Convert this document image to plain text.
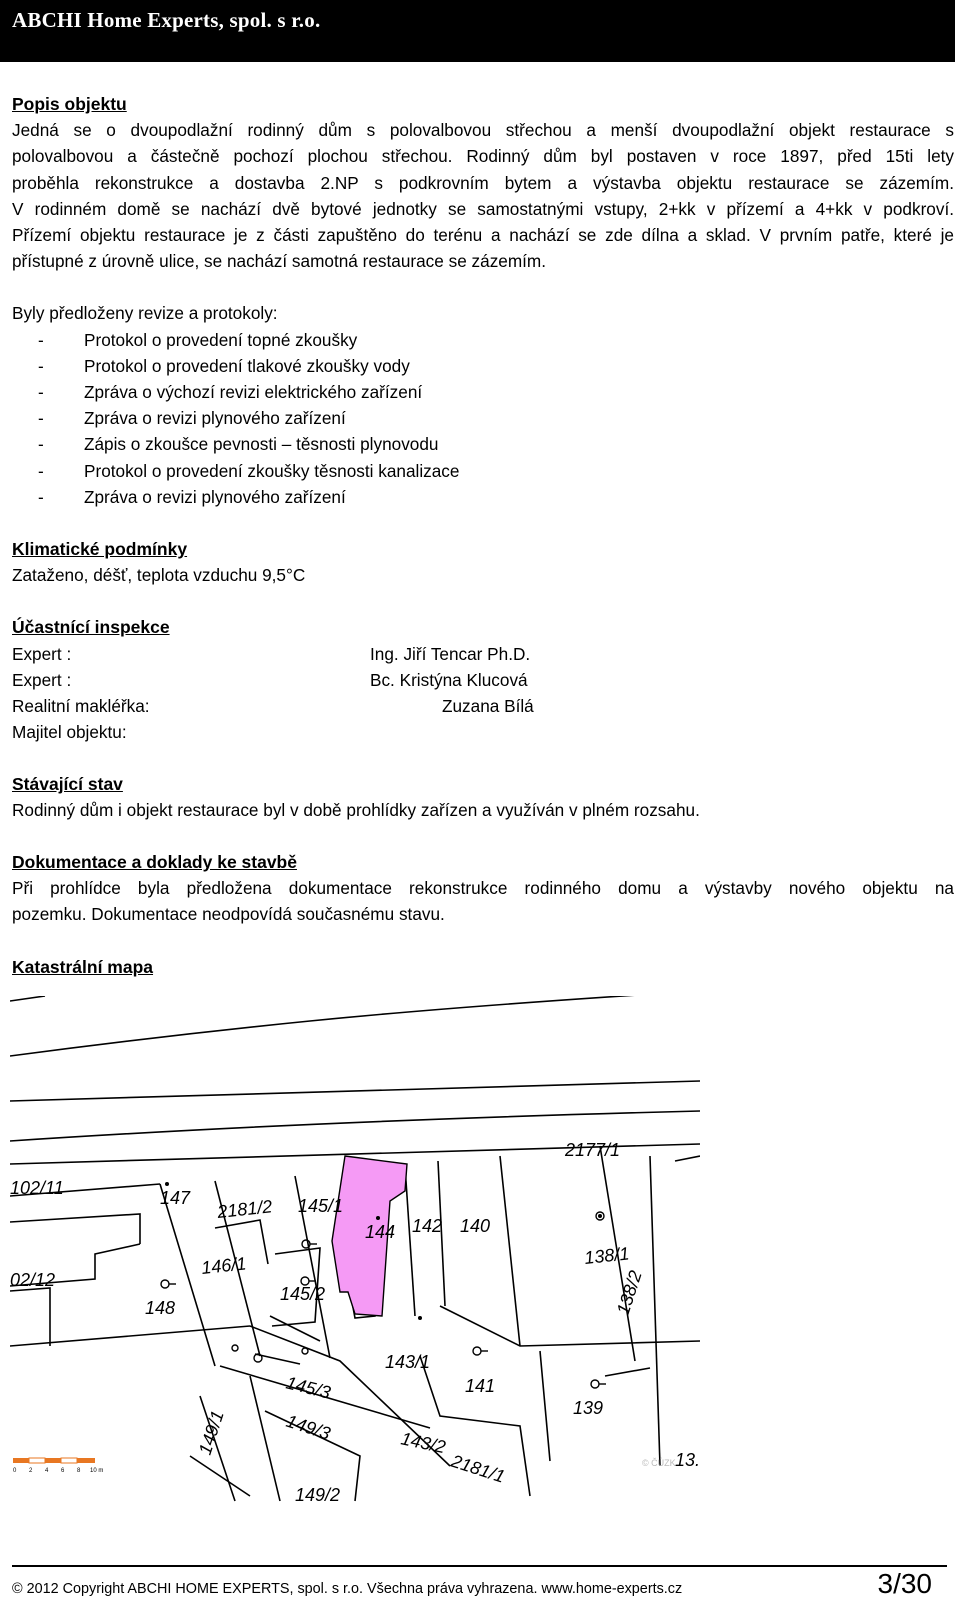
ABCHI Home Experts, spol. s r.o.
Popis objektu
Jedná se o dvoupodlažní rodinný dům s polovalbovou střechou a menší dvoupodlažní objekt restaurace s
polovalbovou a částečně pochozí plochou střechou. Rodinný dům byl postaven v roce 1897, před 15ti lety
proběhla rekonstrukce a dostavba 2.NP s podkrovním bytem a výstavba objektu restaurace se zázemím.
V rodinném domě se nachází dvě bytové jednotky se samostatnými vstupy, 2+kk v přízemí a 4+kk v podkroví.
Přízemí objektu restaurace je z části zapuštěno do terénu a nachází se zde dílna a sklad. V prvním patře, které je
přístupné z úrovně ulice, se nachází samotná restaurace se zázemím.
Byly předloženy revize a protokoly:
- Protokol o provedení topné zkoušky
- Protokol o provedení tlakové zkoušky vody
- Zpráva o výchozí revizi elektrického zařízení
- Zpráva o revizi plynového zařízení
- Zápis o zkoušce pevnosti – těsnosti plynovodu
- Protokol o provedení zkoušky těsnosti kanalizace
- Zpráva o revizi plynového zařízení
Klimatické podmínky
Zataženo, déšť, teplota vzduchu 9,5°C
Účastnící inspekce
Expert :	Ing. Jiří Tencar Ph.D.
Expert :	Bc. Kristýna Klucová
Realitní makléřka:	Zuzana Bílá
Majitel objektu:
Stávající stav
Rodinný dům i objekt restaurace byl v době prohlídky zařízen a využíván v plném rozsahu.
Dokumentace a doklady ke stavbě
Při prohlídce byla předložena dokumentace rekonstrukce rodinného domu a výstavby nového objektu na
pozemku. Dokumentace neodpovídá současnému stavu.
Katastrální mapa
2177/1
102/11	147 2181/2 145/1
144 142 140
138/1
138/2
02/12
146/1
145/2
148
143/1
141
139
145/3
149/1	149/3	143/2
2181/1
149/2
13.
0 2 4 6 8 10 m
© ČÚZK
© 2012 Copyright ABCHI HOME EXPERTS, spol. s r.o. Všechna práva vyhrazena. www.home-experts.cz	3/30
